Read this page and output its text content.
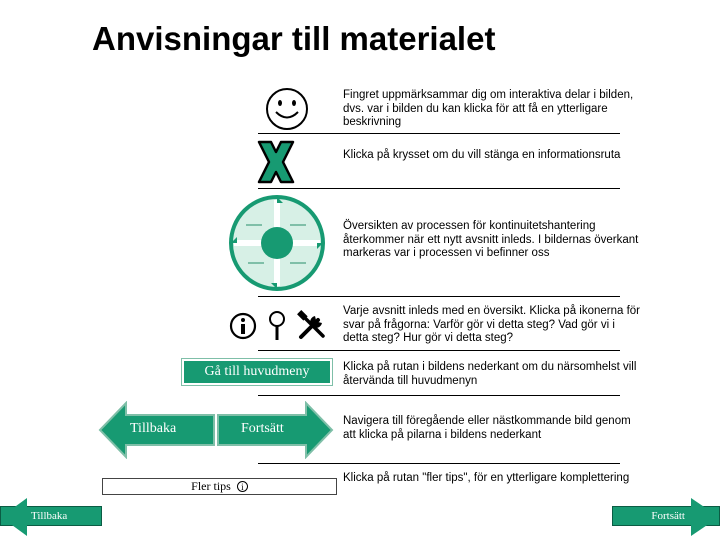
Anvisningar till materialet
Fingret uppmärksammar dig om interaktiva delar i bilden, dvs. var i bilden du kan klicka för att få en ytterligare beskrivning
Klicka på krysset om du vill stänga en informationsruta
Översikten av processen för kontinuitetshantering återkommer när ett nytt avsnitt inleds. I bildernas överkant markeras var i processen vi befinner oss
Varje avsnitt inleds med en översikt. Klicka på ikonerna för svar på frågorna: Varför gör vi detta steg? Vad gör vi i detta steg? Hur gör vi detta steg?
Gå till huvudmeny	Klicka på rutan i bildens nederkant om du närsomhelst vill återvända till huvudmenyn
Tillbaka	Fortsätt	Navigera till föregående eller nästkommande bild genom att klicka på pilarna i bildens nederkant
Fler tips	i
Klicka på rutan "fler tips", för en ytterligare komplettering
Tillbaka	Fortsätt
